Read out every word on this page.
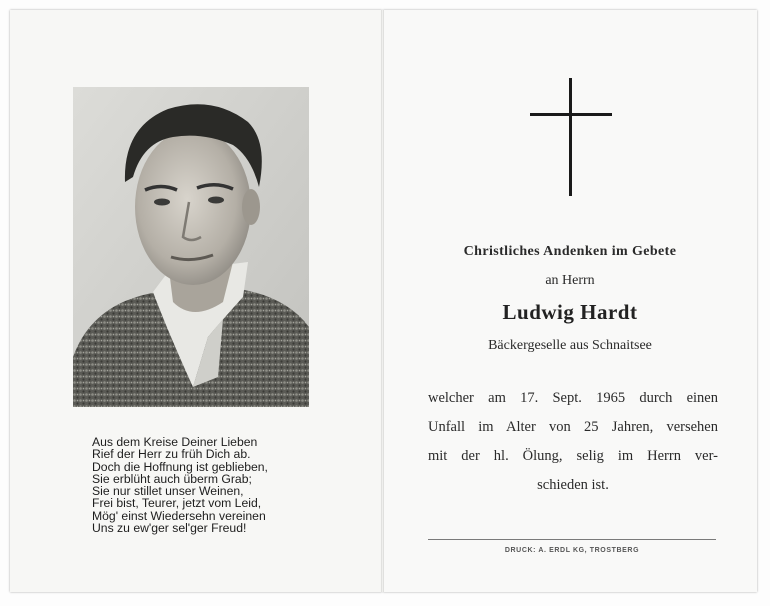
Aus dem Kreise Deiner Lieben
Rief der Herr zu früh Dich ab.
Doch die Hoffnung ist geblieben,
Sie erblüht auch überm Grab;
Sie nur stillet unser Weinen,
Frei bist, Teurer, jetzt vom Leid,
Mög' einst Wiedersehn vereinen
Uns zu ew'ger sel'ger Freud!
Christliches Andenken im Gebete
an Herrn
Ludwig Hardt
Bäckergeselle aus Schnaitsee
welcher am 17. Sept. 1965 durch einen
Unfall im Alter von 25 Jahren, versehen
mit der hl. Ölung, selig im Herrn ver-
schieden ist.
DRUCK: A. ERDL KG, TROSTBERG
